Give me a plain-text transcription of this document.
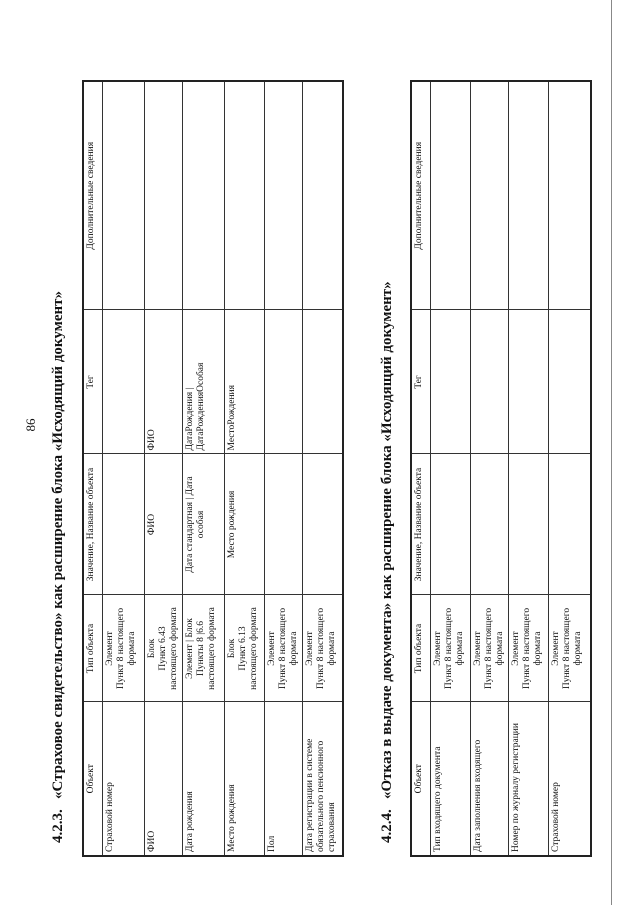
86
4.2.3.«Страховое свидетельство» как расширение блока «Исходящий документ» Объект	Тип объекта	Значение, Название объекта	Тег	Дополнительные сведения
Страховой номер	Элемент
Пункт 8 настоящего
формата			
ФИО	Блок
Пункт 6.43
настоящего формата	ФИО	ФИО	
Дата рождения	Элемент | Блок
Пункты 8 |6.6
настоящего формата	Дата стандартная | Дата
особая	ДатаРождения |
ДатаРожденияОсобая	
Место рождения	Блок
Пункт 6.13
настоящего формата	Место рождения	МестоРождения	
Пол	Элемент
Пункт 8 настоящего
формата			
Дата регистрации в системе
обязательного пенсионного
страхования	Элемент
Пункт 8 настоящего
формата			
4.2.4.«Отказ в выдаче документа» как расширение блока «Исходящий документ» Объект	Тип объекта	Значение, Название объекта	Тег	Дополнительные сведения
Тип входящего документа	Элемент
Пункт 8 настоящего
формата			
Дата заполнения входящего	Элемент
Пункт 8 настоящего
формата			
Номер по журналу регистрации	Элемент
Пункт 8 настоящего
формата			
Страховой номер	Элемент
Пункт 8 настоящего
формата			
